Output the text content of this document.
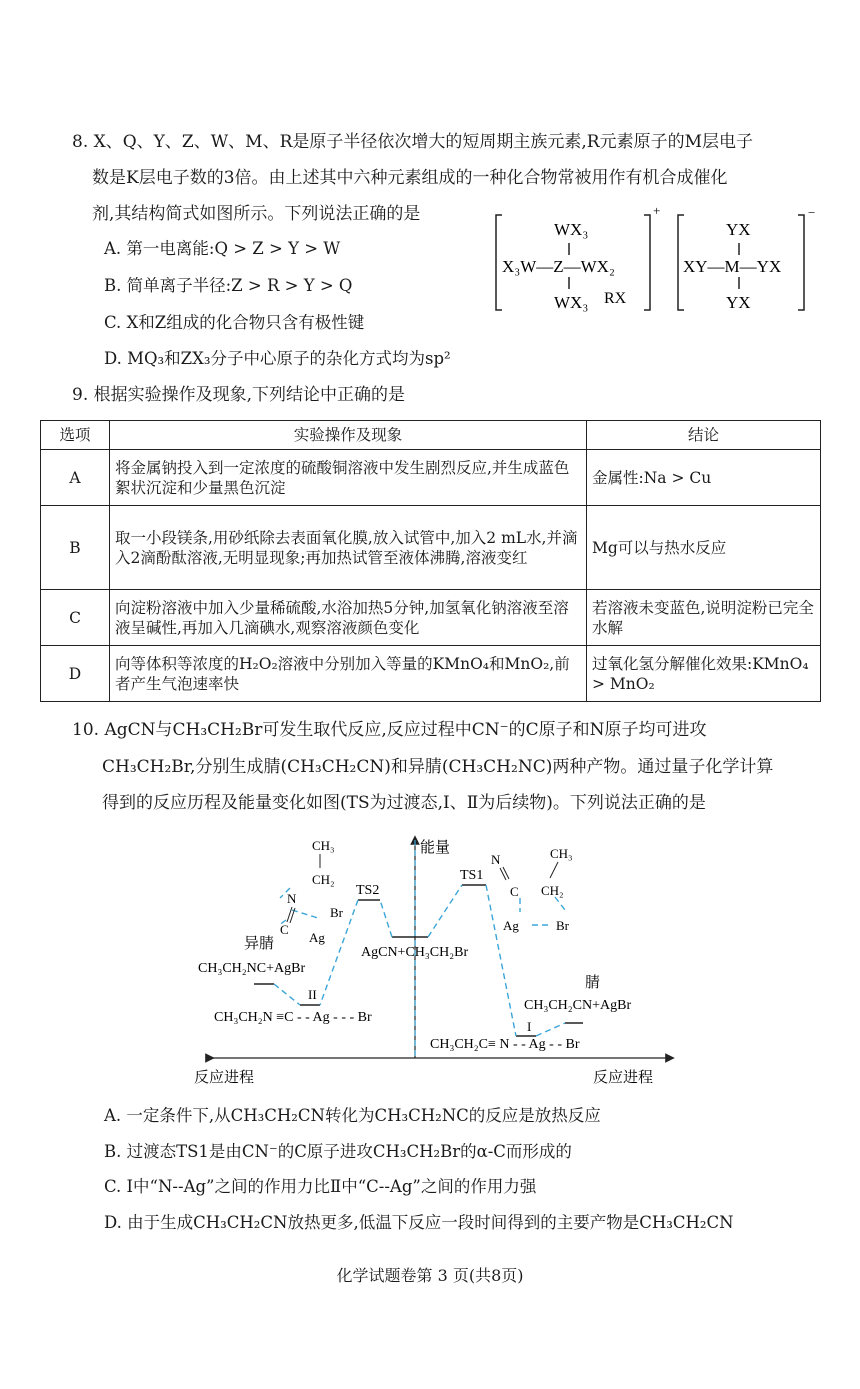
8. X、Q、Y、Z、W、M、R是原子半径依次增大的短周期主族元素,R元素原子的M层电子
数是K层电子数的3倍。由上述其中六种元素组成的一种化合物常被用作有机合成催化
剂,其结构简式如图所示。下列说法正确的是
A. 第一电离能:Q > Z > Y > W
B. 简单离子半径:Z > R > Y > Q
C. X和Z组成的化合物只含有极性键
D. MQ₃和ZX₃分子中心原子的杂化方式均为sp²
WX₃
X₃W—Z—WX₂
WX₃ RX
+
YX
XY—M—YX
YX
−
9. 根据实验操作及现象,下列结论中正确的是
选项	实验操作及现象	结论
A	将金属钠投入到一定浓度的硫酸铜溶液中发生剧烈反应,并生成蓝色絮状沉淀和少量黑色沉淀	金属性:Na > Cu
B	取一小段镁条,用砂纸除去表面氧化膜,放入试管中,加入2 mL水,并滴入2滴酚酞溶液,无明显现象;再加热试管至液体沸腾,溶液变红	Mg可以与热水反应
C	向淀粉溶液中加入少量稀硫酸,水浴加热5分钟,加氢氧化钠溶液至溶液呈碱性,再加入几滴碘水,观察溶液颜色变化	若溶液未变蓝色,说明淀粉已完全水解
D	向等体积等浓度的H₂O₂溶液中分别加入等量的KMnO₄和MnO₂,前者产生气泡速率快	过氧化氢分解催化效果:KMnO₄ > MnO₂
10. AgCN与CH₃CH₂Br可发生取代反应,反应过程中CN⁻的C原子和N原子均可进攻
CH₃CH₂Br,分别生成腈(CH₃CH₂CN)和异腈(CH₃CH₂NC)两种产物。通过量子化学计算
得到的反应历程及能量变化如图(TS为过渡态,Ⅰ、Ⅱ为后续物)。下列说法正确的是
能量
反应进程	反应进程
TS2
CH₃
CH₂
N
Br
C
Ag
TS1
N
C
CH₃
CH₂
Ag	Br
AgCN+CH₃CH₂Br
异腈
CH₃CH₂NC+AgBr
II
CH₃CH₂N ≡C - - Ag - - - Br
腈
CH₃CH₂CN+AgBr
I
CH₃CH₂C≡ N - - Ag - - Br
A. 一定条件下,从CH₃CH₂CN转化为CH₃CH₂NC的反应是放热反应
B. 过渡态TS1是由CN⁻的C原子进攻CH₃CH₂Br的α-C而形成的
C. Ⅰ中“N--Ag”之间的作用力比Ⅱ中“C--Ag”之间的作用力强
D. 由于生成CH₃CH₂CN放热更多,低温下反应一段时间得到的主要产物是CH₃CH₂CN
化学试题卷第 3 页(共8页)
